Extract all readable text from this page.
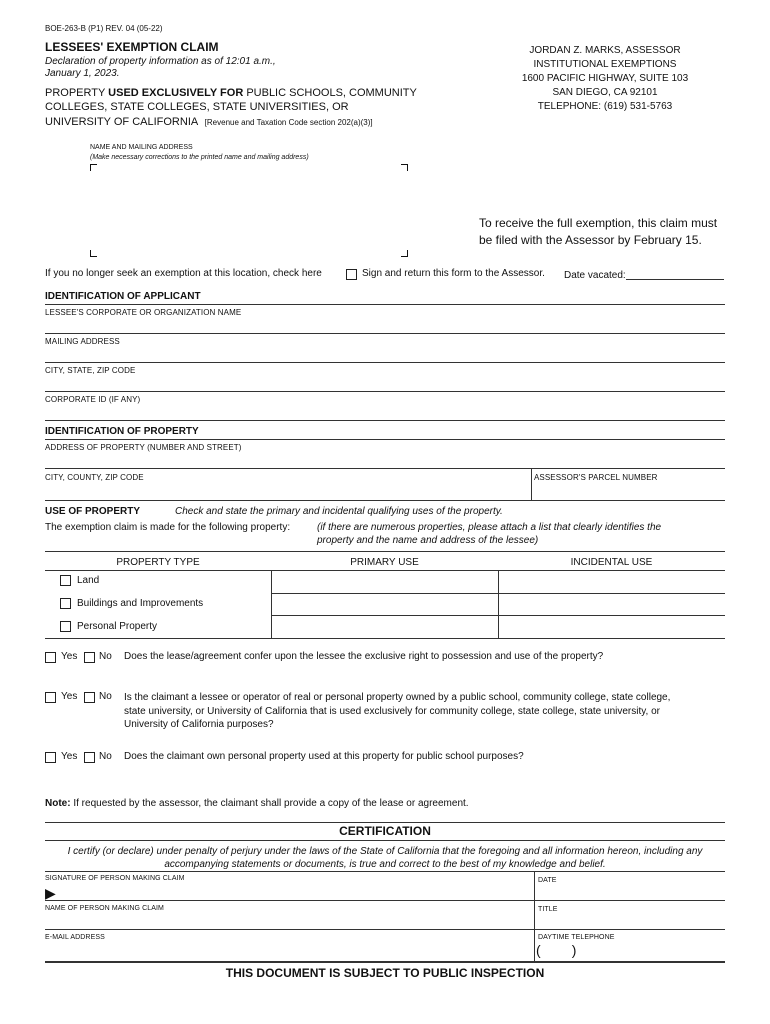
BOE-263-B (P1) REV. 04 (05-22)
LESSEES' EXEMPTION CLAIM
Declaration of property information as of 12:01 a.m.,
January 1, 2023.
PROPERTY USED EXCLUSIVELY FOR PUBLIC SCHOOLS, COMMUNITY
COLLEGES, STATE COLLEGES, STATE UNIVERSITIES, OR
UNIVERSITY OF CALIFORNIA [Revenue and Taxation Code section 202(a)(3)]
JORDAN Z. MARKS, ASSESSOR
INSTITUTIONAL EXEMPTIONS
1600 PACIFIC HIGHWAY, SUITE 103
SAN DIEGO, CA 92101
TELEPHONE: (619) 531-5763
NAME AND MAILING ADDRESS
(Make necessary corrections to the printed name and mailing address)
To receive the full exemption, this claim must
be filed with the Assessor by February 15.
If you no longer seek an exemption at this location, check here	Sign and return this form to the Assessor. Date vacated:
IDENTIFICATION OF APPLICANT
LESSEE'S CORPORATE OR ORGANIZATION NAME
MAILING ADDRESS
CITY, STATE, ZIP CODE
CORPORATE ID (IF ANY)
IDENTIFICATION OF PROPERTY
ADDRESS OF PROPERTY (NUMBER AND STREET)
CITY, COUNTY, ZIP CODE	ASSESSOR'S PARCEL NUMBER
USE OF PROPERTY	Check and state the primary and incidental qualifying uses of the property.
The exemption claim is made for the following property:	(if there are numerous properties, please attach a list that clearly identifies the
property and the name and address of the lessee)
PROPERTY TYPE	PRIMARY USE	INCIDENTAL USE
Land
Buildings and Improvements
Personal Property
Yes No Does the lease/agreement confer upon the lessee the exclusive right to possession and use of the property?
Yes No Is the claimant a lessee or operator of real or personal property owned by a public school, community college, state college,
state university, or University of California that is used exclusively for community college, state college, state university, or
University of California purposes?
Yes No Does the claimant own personal property used at this property for public school purposes?
Note: If requested by the assessor, the claimant shall provide a copy of the lease or agreement.
CERTIFICATION
I certify (or declare) under penalty of perjury under the laws of the State of California that the foregoing and all information hereon, including any
accompanying statements or documents, is true and correct to the best of my knowledge and belief.
SIGNATURE OF PERSON MAKING CLAIM
▶
DATE
NAME OF PERSON MAKING CLAIM	TITLE
E-MAIL ADDRESS	DAYTIME TELEPHONE
(        )
THIS DOCUMENT IS SUBJECT TO PUBLIC INSPECTION
